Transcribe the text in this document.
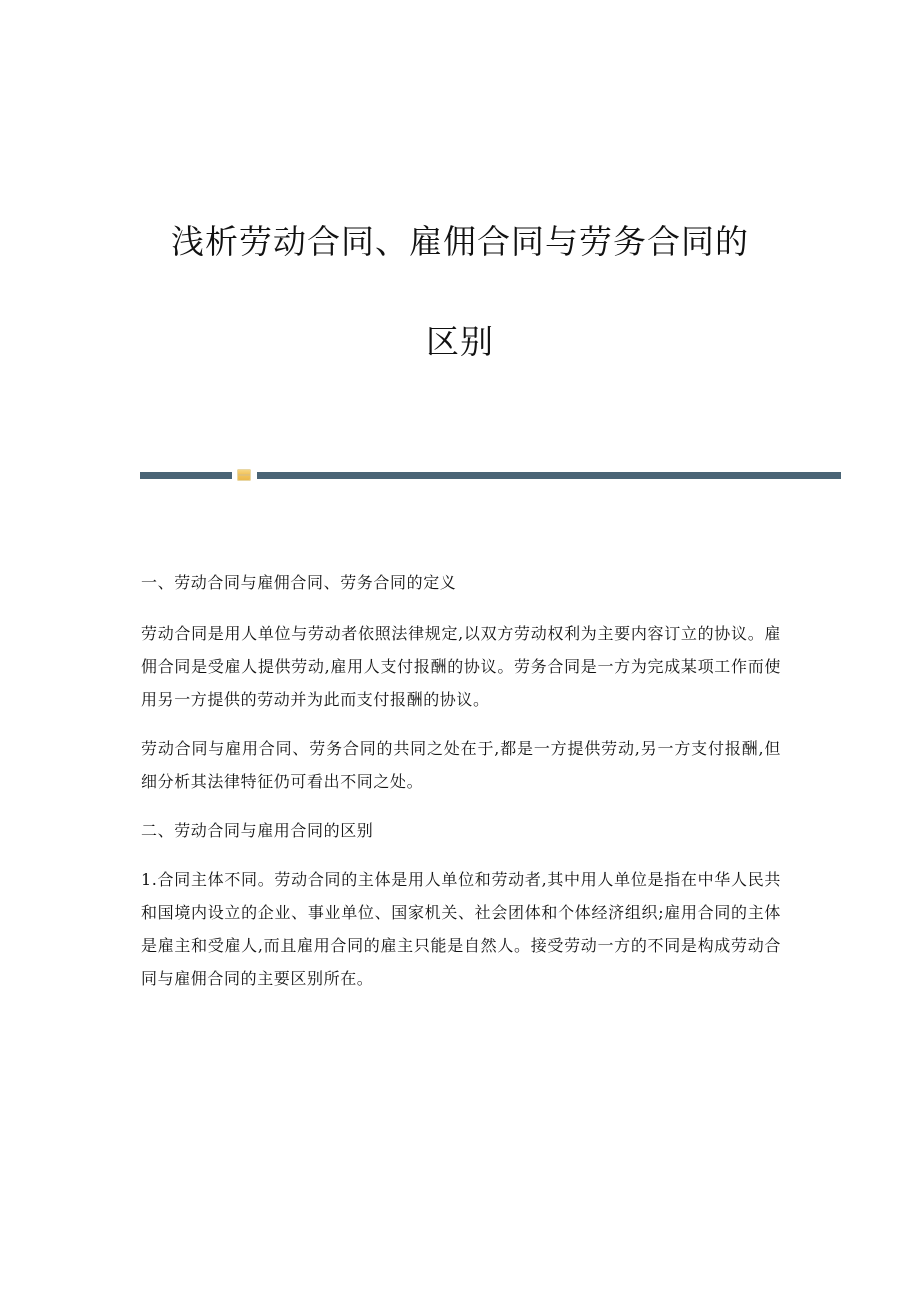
浅析劳动合同、雇佣合同与劳务合同的
区别

一、劳动合同与雇佣合同、劳务合同的定义

劳动合同是用人单位与劳动者依照法律规定,以双方劳动权利为主要内容订立的协议。雇佣合同是受雇人提供劳动,雇用人支付报酬的协议。劳务合同是一方为完成某项工作而使用另一方提供的劳动并为此而支付报酬的协议。

劳动合同与雇用合同、劳务合同的共同之处在于,都是一方提供劳动,另一方支付报酬,但细分析其法律特征仍可看出不同之处。

二、劳动合同与雇用合同的区别

1.合同主体不同。劳动合同的主体是用人单位和劳动者,其中用人单位是指在中华人民共和国境内设立的企业、事业单位、国家机关、社会团体和个体经济组织;雇用合同的主体是雇主和受雇人,而且雇用合同的雇主只能是自然人。接受劳动一方的不同是构成劳动合同与雇佣合同的主要区别所在。
